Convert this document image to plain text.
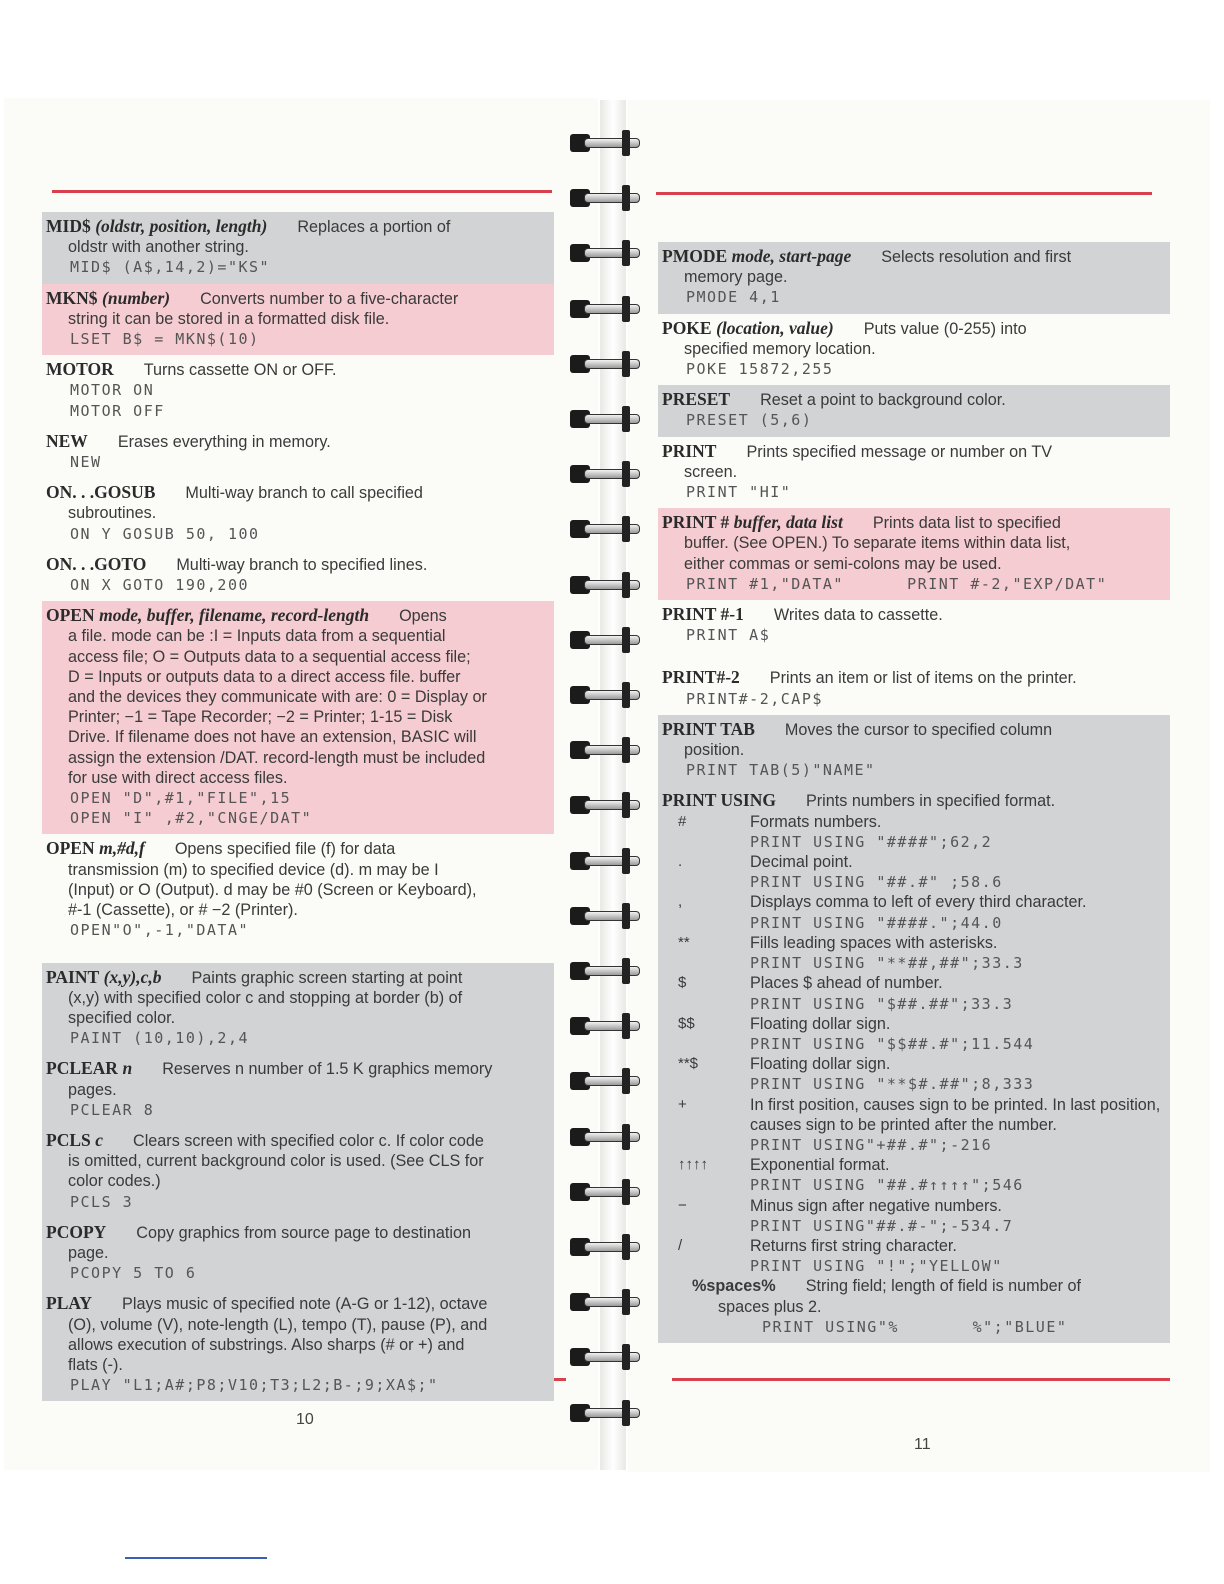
MID$ (oldstr, position, length) Replaces a portion of
oldstr with another string.
MID$ (A$,14,2)="KS"
MKN$ (number) Converts number to a five-character
string it can be stored in a formatted disk file.
LSET B$ = MKN$(10)
MOTOR Turns cassette ON or OFF.
MOTOR ON
MOTOR OFF
NEW Erases everything in memory.
NEW
ON. . .GOSUB Multi-way branch to call specified
subroutines.
ON Y GOSUB 50, 100
ON. . .GOTO Multi-way branch to specified lines.
ON X GOTO 190,200
OPEN mode, buffer, filename, record-length Opens
a file. mode can be :I = Inputs data from a sequential
access file; O = Outputs data to a sequential access file;
D = Inputs or outputs data to a direct access file. buffer
and the devices they communicate with are: 0 = Display or
Printer; −1 = Tape Recorder; −2 = Printer; 1-15 = Disk
Drive. If filename does not have an extension, BASIC will
assign the extension /DAT. record-length must be included
for use with direct access files.
OPEN "D",#1,"FILE",15
OPEN "I" ,#2,"CNGE/DAT"
OPEN m,#d,f Opens specified file (f) for data
transmission (m) to specified device (d). m may be I
(Input) or O (Output). d may be #0 (Screen or Keyboard),
#-1 (Cassette), or # −2 (Printer).
OPEN"O",-1,"DATA"
PAINT (x,y),c,b Paints graphic screen starting at point
(x,y) with specified color c and stopping at border (b) of
specified color.
PAINT (10,10),2,4
PCLEAR n Reserves n number of 1.5 K graphics memory
pages.
PCLEAR 8
PCLS c Clears screen with specified color c. If color code
is omitted, current background color is used. (See CLS for
color codes.)
PCLS 3
PCOPY Copy graphics from source page to destination
page.
PCOPY 5 TO 6
PLAY Plays music of specified note (A-G or 1-12), octave
(O), volume (V), note-length (L), tempo (T), pause (P), and
allows execution of substrings. Also sharps (# or +) and
flats (-).
PLAY "L1;A#;P8;V10;T3;L2;B-;9;XA$;"
PMODE mode, start-page Selects resolution and first
memory page.
PMODE 4,1
POKE (location, value) Puts value (0-255) into
specified memory location.
POKE 15872,255
PRESET Reset a point to background color.
PRESET (5,6)
PRINT Prints specified message or number on TV
screen.
PRINT "HI"
PRINT # buffer, data list Prints data list to specified
buffer. (See OPEN.) To separate items within data list,
either commas or semi-colons may be used.
PRINT #1,"DATA"      PRINT #-2,"EXP/DAT"
PRINT #-1 Writes data to cassette.
PRINT A$
PRINT#-2 Prints an item or list of items on the printer.
PRINT#-2,CAP$
PRINT TAB Moves the cursor to specified column
position.
PRINT TAB(5)"NAME"
PRINT USING Prints numbers in specified format.
#	Formats numbers.
PRINT USING "####";62,2
.	Decimal point.
PRINT USING "##.#" ;58.6
,	Displays comma to left of every third character.
PRINT USING "####.";44.0
**	Fills leading spaces with asterisks.
PRINT USING "**##,##";33.3
$	Places $ ahead of number.
PRINT USING "$##.##";33.3
$$	Floating dollar sign.
PRINT USING "$$##.#";11.544
**$	Floating dollar sign.
PRINT USING "**$#.##";8,333
+	In first position, causes sign to be printed. In last position, causes sign to be printed after the number.
PRINT USING"+##.#";-216
↑↑↑↑	Exponential format.
PRINT USING "##.#↑↑↑↑";546
−	Minus sign after negative numbers.
PRINT USING"##.#-";-534.7
/	Returns first string character.
PRINT USING "!";"YELLOW"
%spaces% String field; length of field is number of
spaces plus 2.
PRINT USING"%       %";"BLUE"
10
11
